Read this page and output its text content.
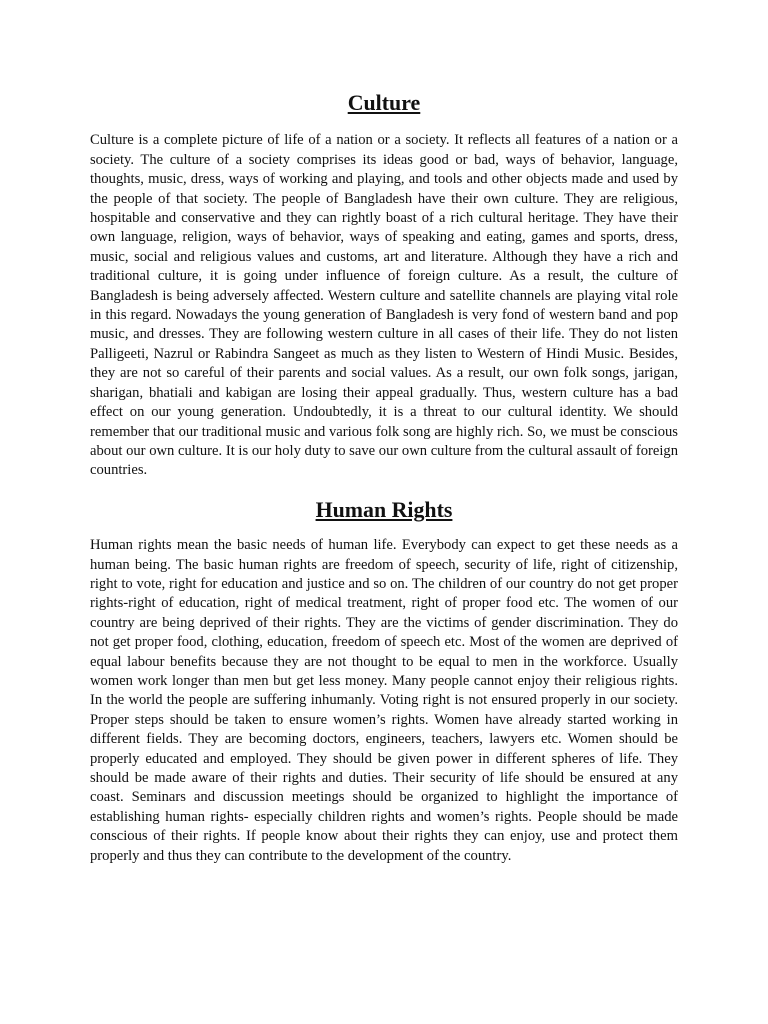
Culture

Culture is a complete picture of life of a nation or a society. It reflects all features of a nation or a society. The culture of a society comprises its ideas good or bad, ways of behavior, language, thoughts, music, dress, ways of working and playing, and tools and other objects made and used by the people of that society. The people of Bangladesh have their own culture. They are religious, hospitable and conservative and they can rightly boast of a rich cultural heritage. They have their own language, religion, ways of behavior, ways of speaking and eating, games and sports, dress, music, social and religious values and customs, art and literature. Although they have a rich and traditional culture, it is going under influence of foreign culture. As a result, the culture of Bangladesh is being adversely affected. Western culture and satellite channels are playing vital role in this regard. Nowadays the young generation of Bangladesh is very fond of western band and pop music, and dresses. They are following western culture in all cases of their life. They do not listen Palligeeti, Nazrul or Rabindra Sangeet as much as they listen to Western of Hindi Music. Besides, they are not so careful of their parents and social values. As a result, our own folk songs, jarigan, sharigan, bhatiali and kabigan are losing their appeal gradually. Thus, western culture has a bad effect on our young generation. Undoubtedly, it is a threat to our cultural identity. We should remember that our traditional music and various folk song are highly rich. So, we must be conscious about our own culture. It is our holy duty to save our own culture from the cultural assault of foreign countries.

Human Rights

Human rights mean the basic needs of human life. Everybody can expect to get these needs as a human being. The basic human rights are freedom of speech, security of life, right of citizenship, right to vote, right for education and justice and so on. The children of our country do not get proper rights-right of education, right of medical treatment, right of proper food etc. The women of our country are being deprived of their rights. They are the victims of gender discrimination. They do not get proper food, clothing, education, freedom of speech etc. Most of the women are deprived of equal labour benefits because they are not thought to be equal to men in the workforce. Usually women work longer than men but get less money. Many people cannot enjoy their religious rights. In the world the people are suffering inhumanly. Voting right is not ensured properly in our society. Proper steps should be taken to ensure women’s rights. Women have already started working in different fields. They are becoming doctors, engineers, teachers, lawyers etc. Women should be properly educated and employed. They should be given power in different spheres of life. They should be made aware of their rights and duties. Their security of life should be ensured at any coast. Seminars and discussion meetings should be organized to highlight the importance of establishing human rights- especially children rights and women’s rights. People should be made conscious of their rights. If people know about their rights they can enjoy, use and protect them properly and thus they can contribute to the development of the country.
